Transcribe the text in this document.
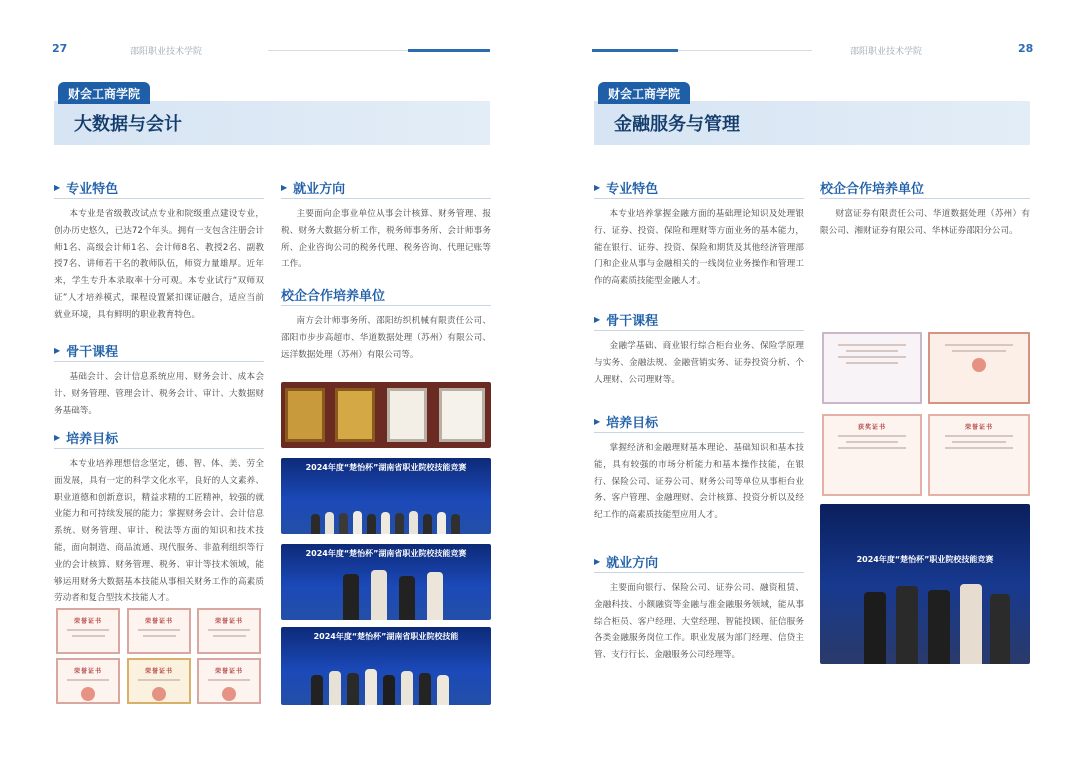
27	邵阳职业技术学院
大数据与会计
财会工商学院
▶ 专业特色
本专业是省级教改试点专业和院级重点建设专业，创办历史悠久，已达72个年头。拥有一支包含注册会计师1名、高级会计师1名、会计师8名、教授2名、副教授7名、讲师若干名的教师队伍，师资力量雄厚。近年来，学生专升本录取率十分可观。本专业试行“双师双证”人才培养模式，课程设置紧扣课证融合，适应当前就业环境，具有鲜明的职业教育特色。
▶ 骨干课程
基础会计、会计信息系统应用、财务会计、成本会计、财务管理、管理会计、税务会计、审计、大数据财务基础等。
▶ 培养目标
本专业培养理想信念坚定，德、智、体、美、劳全面发展，具有一定的科学文化水平，良好的人文素养、职业道德和创新意识，精益求精的工匠精神，较强的就业能力和可持续发展的能力；掌握财务会计、会计信息系统、财务管理、审计、税法等方面的知识和技术技能，面向制造、商品流通、现代服务、非盈利组织等行业的会计核算、财务管理、税务、审计等技术领域，能够运用财务大数据基本技能从事相关财务工作的高素质劳动者和复合型技术技能人才。
荣誉证书	荣誉证书	荣誉证书
荣誉证书	荣誉证书	荣誉证书
▶ 就业方向
主要面向企事业单位从事会计核算、财务管理、报税、财务大数据分析工作，税务师事务所、会计师事务所、企业咨询公司的税务代理、税务咨询、代理记账等工作。
校企合作培养单位
南方会计师事务所、邵阳纺织机械有限责任公司、邵阳市步步高超市、华道数据处理（苏州）有限公司、远洋数据处理（苏州）有限公司等。
2024年度“楚怡杯”湖南省职业院校技能竞赛
2024年度“楚怡杯”湖南省职业院校技能竞赛
2024年度“楚怡杯”湖南省职业院校技能
邵阳职业技术学院	28
金融服务与管理
财会工商学院
▶ 专业特色
本专业培养掌握金融方面的基础理论知识及处理银行、证券、投资、保险和理财等方面业务的基本能力，能在银行、证券、投资、保险和期货及其他经济管理部门和企业从事与金融相关的一线岗位业务操作和管理工作的高素质技能型金融人才。
▶ 骨干课程
金融学基础、商业银行综合柜台业务、保险学原理与实务、金融法规、金融营销实务、证券投资分析、个人理财、公司理财等。
▶ 培养目标
掌握经济和金融理财基本理论、基础知识和基本技能，具有较强的市场分析能力和基本操作技能，在银行、保险公司、证券公司、财务公司等单位从事柜台业务、客户管理、金融理财、会计核算、投资分析以及经纪工作的高素质技能型应用人才。
▶ 就业方向
主要面向银行、保险公司、证券公司、融资租赁、金融科技、小额融资等金融与准金融服务领域，能从事综合柜员、客户经理、大堂经理、智能投顾、征信服务各类金融服务岗位工作。职业发展为部门经理、信贷主管、支行行长、金融服务公司经理等。
校企合作培养单位
财富证券有限责任公司、华道数据处理（苏州）有限公司、湘财证券有限公司、华林证券邵阳分公司。
获奖证书	荣誉证书
2024年度“楚怡杯”职业院校技能竞赛
